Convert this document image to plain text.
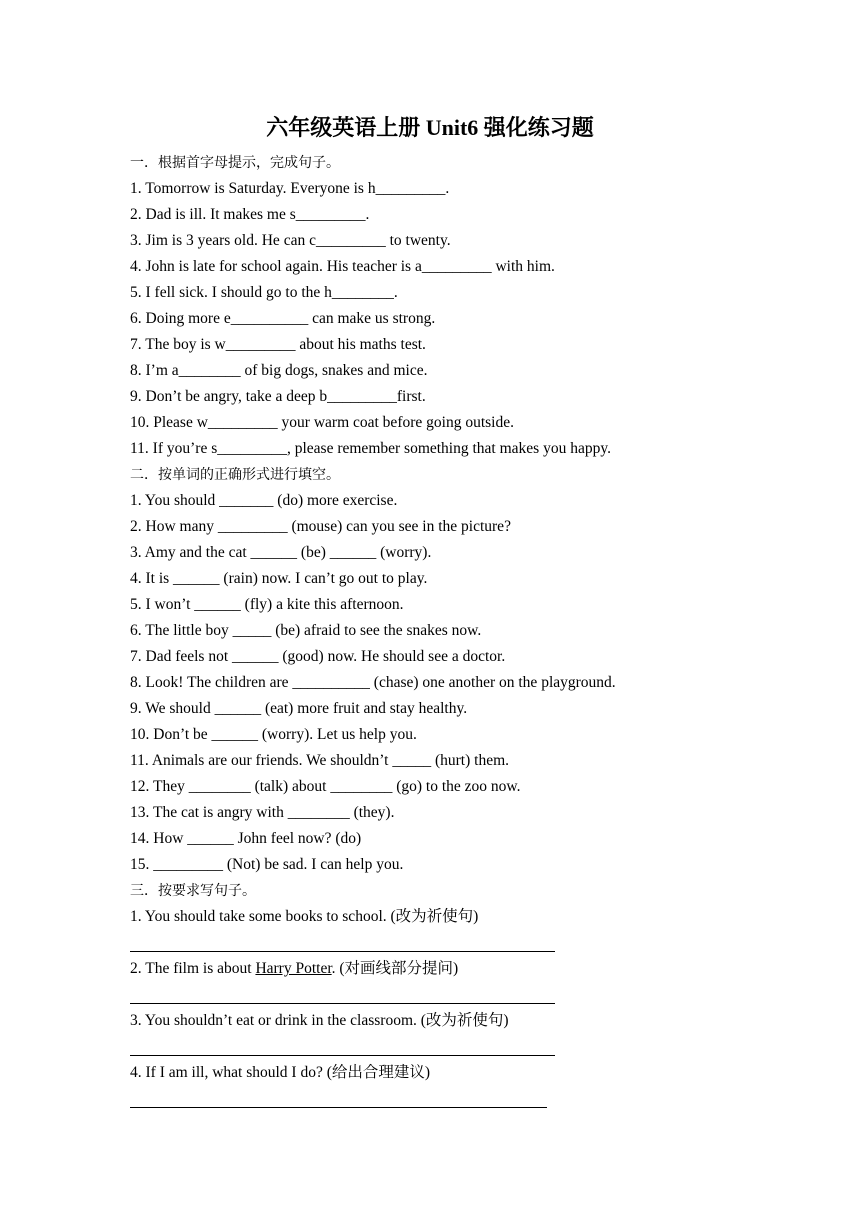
六年级英语上册 Unit6 强化练习题
一．根据首字母提示，完成句子。
1. Tomorrow is Saturday. Everyone is h_________.
2. Dad is ill. It makes me s_________.
3. Jim is 3 years old. He can c_________ to twenty.
4. John is late for school again. His teacher is a_________ with him.
5. I fell sick. I should go to the h________.
6. Doing more e__________ can make us strong.
7. The boy is w_________ about his maths test.
8. I’m a________ of big dogs, snakes and mice.
9. Don’t be angry, take a deep b_________first.
10. Please w_________ your warm coat before going outside.
11. If you’re s_________, please remember something that makes you happy.
二．按单词的正确形式进行填空。
1. You should _______ (do) more exercise.
2. How many _________ (mouse) can you see in the picture?
3. Amy and the cat ______ (be) ______ (worry).
4. It is ______ (rain) now. I can’t go out to play.
5. I won’t ______ (fly) a kite this afternoon.
6. The little boy _____ (be) afraid to see the snakes now.
7. Dad feels not ______ (good) now. He should see a doctor.
8. Look! The children are __________ (chase) one another on the playground.
9. We should ______ (eat) more fruit and stay healthy.
10. Don’t be ______ (worry). Let us help you.
11. Animals are our friends. We shouldn’t _____ (hurt) them.
12. They ________ (talk) about ________ (go) to the zoo now.
13. The cat is angry with ________ (they).
14. How ______ John feel now? (do)
15. _________ (Not) be sad. I can help you.
三．按要求写句子。
1. You should take some books to school. (改为祈使句)
2. The film is about Harry Potter. (对画线部分提问)
3. You shouldn’t eat or drink in the classroom. (改为祈使句)
4. If I am ill, what should I do? (给出合理建议)
